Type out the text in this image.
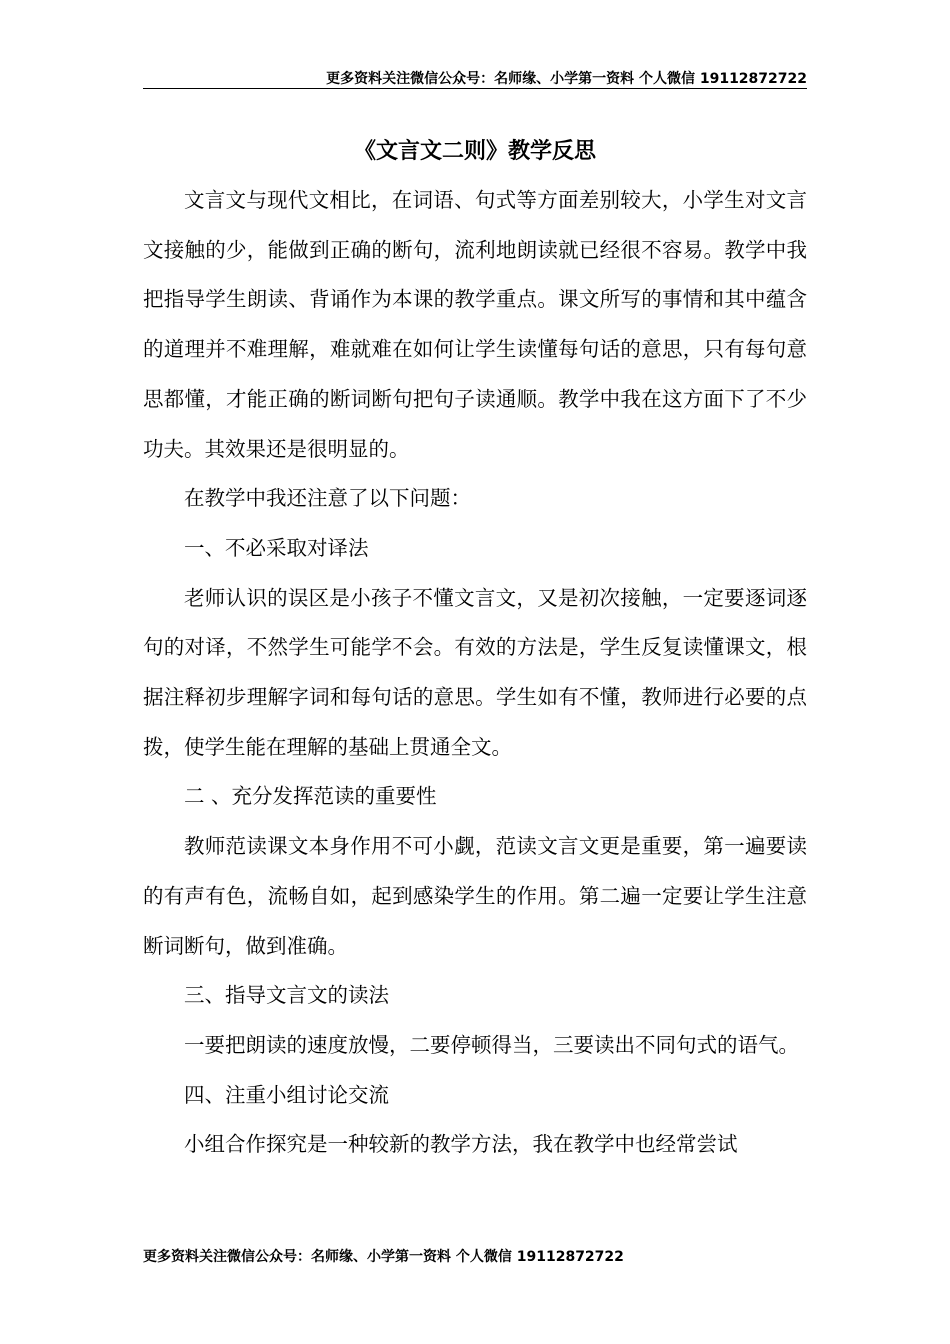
更多资料关注微信公众号：名师缘、小学第一资料 个人微信 19112872722
《文言文二则》教学反思

文言文与现代文相比，在词语、句式等方面差别较大，小学生对文言文接触的少，能做到正确的断句，流利地朗读就已经很不容易。教学中我把指导学生朗读、背诵作为本课的教学重点。课文所写的事情和其中蕴含的道理并不难理解，难就难在如何让学生读懂每句话的意思，只有每句意思都懂，才能正确的断词断句把句子读通顺。教学中我在这方面下了不少功夫。其效果还是很明显的。

在教学中我还注意了以下问题：

一、不必采取对译法

老师认识的误区是小孩子不懂文言文，又是初次接触，一定要逐词逐句的对译，不然学生可能学不会。有效的方法是，学生反复读懂课文，根据注释初步理解字词和每句话的意思。学生如有不懂，教师进行必要的点拨，使学生能在理解的基础上贯通全文。

二 、充分发挥范读的重要性

教师范读课文本身作用不可小觑，范读文言文更是重要，第一遍要读的有声有色，流畅自如，起到感染学生的作用。第二遍一定要让学生注意断词断句，做到准确。

三、指导文言文的读法

一要把朗读的速度放慢，二要停顿得当，三要读出不同句式的语气。

四、注重小组讨论交流

小组合作探究是一种较新的教学方法，我在教学中也经常尝试

更多资料关注微信公众号：名师缘、小学第一资料 个人微信 19112872722
